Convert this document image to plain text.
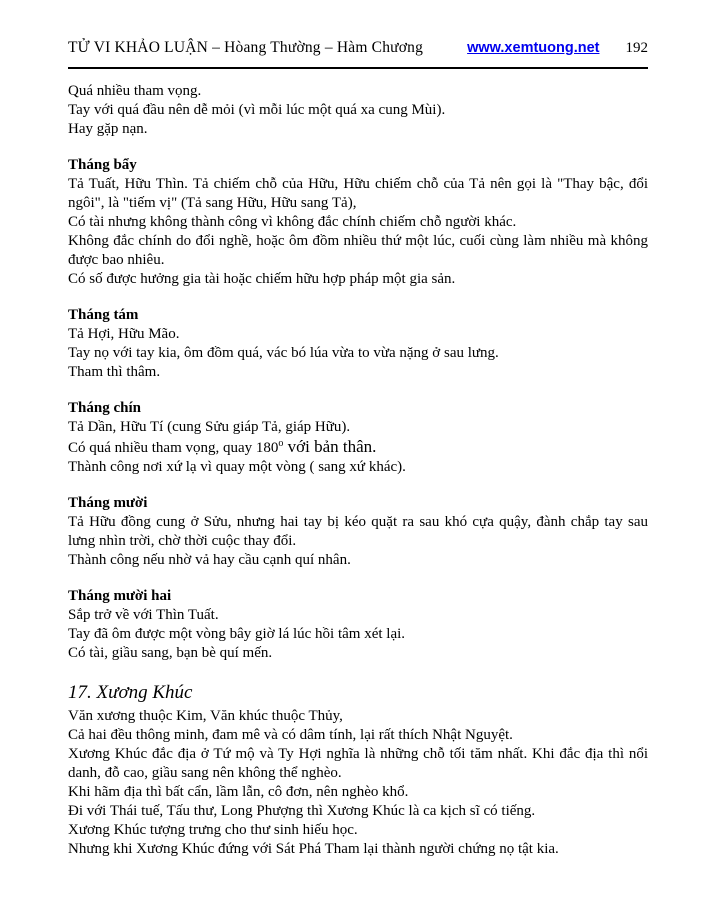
TỬ VI KHẢO LUẬN – Hòang Thường – Hàm Chương	www.xemtuong.net 192

Quá nhiều tham vọng.

Tay với quá đầu nên dễ mỏi (vì mỗi lúc một quá xa cung Mùi).

Hay gặp nạn.

Tháng bẩy

Tả Tuất, Hữu Thìn. Tả chiếm chỗ của Hữu, Hữu chiếm chỗ của Tả nên gọi là "Thay bậc, đổi ngôi", là "tiếm vị" (Tả sang Hữu, Hữu sang Tả),

Có tài nhưng không thành công vì không đắc chính chiếm chỗ người khác.

Không đắc chính do đổi nghề, hoặc ôm đồm nhiều thứ một lúc, cuối cùng làm nhiều mà không được bao nhiêu.

Có số được hưởng gia tài hoặc chiếm hữu hợp pháp một gia sản.

Tháng tám

Tả Hợi, Hữu Mão.

Tay nọ với tay kia, ôm đồm quá, vác bó lúa vừa to vừa nặng ở sau lưng.

Tham thì thâm.

Tháng chín

Tả Dần, Hữu Tí (cung Sửu giáp Tả, giáp Hữu).

Có quá nhiều tham vọng, quay 180$^o$ với bản thân.

Thành công nơi xứ lạ vì quay một vòng ( sang xứ khác).

Tháng mười

Tả Hữu đồng cung ở Sửu, nhưng hai tay bị kéo quặt ra sau khó cựa quậy, đành chắp tay sau lưng nhìn trời, chờ thời cuộc thay đổi.

Thành công nếu nhờ vả hay cầu cạnh quí nhân.

Tháng mười hai

Sắp trở về với Thìn Tuất.

Tay đã ôm được một vòng bây giờ lá lúc hồi tâm xét lại.

Có tài, giầu sang, bạn bè quí mến.

17. Xương Khúc

Văn xương thuộc Kim, Văn khúc thuộc Thủy,

Cả hai đều thông minh, đam mê và có dâm tính, lại rất thích Nhật Nguyệt.

Xương Khúc đắc địa ở Tứ mộ và Ty Hợi nghĩa là những chỗ tối tăm nhất. Khi đắc địa thì nổi danh, đỗ cao, giầu sang nên không thể nghèo.

Khi hãm địa thì bất cẩn, lầm lẫn, cô đơn, nên nghèo khổ.

Đi với Thái tuế, Tấu thư, Long Phượng thì Xương Khúc là ca kịch sĩ có tiếng.

Xương Khúc tượng trưng cho thư sinh hiếu học.

Nhưng khi Xương Khúc đứng với Sát Phá Tham lại thành người chứng nọ tật kia.
